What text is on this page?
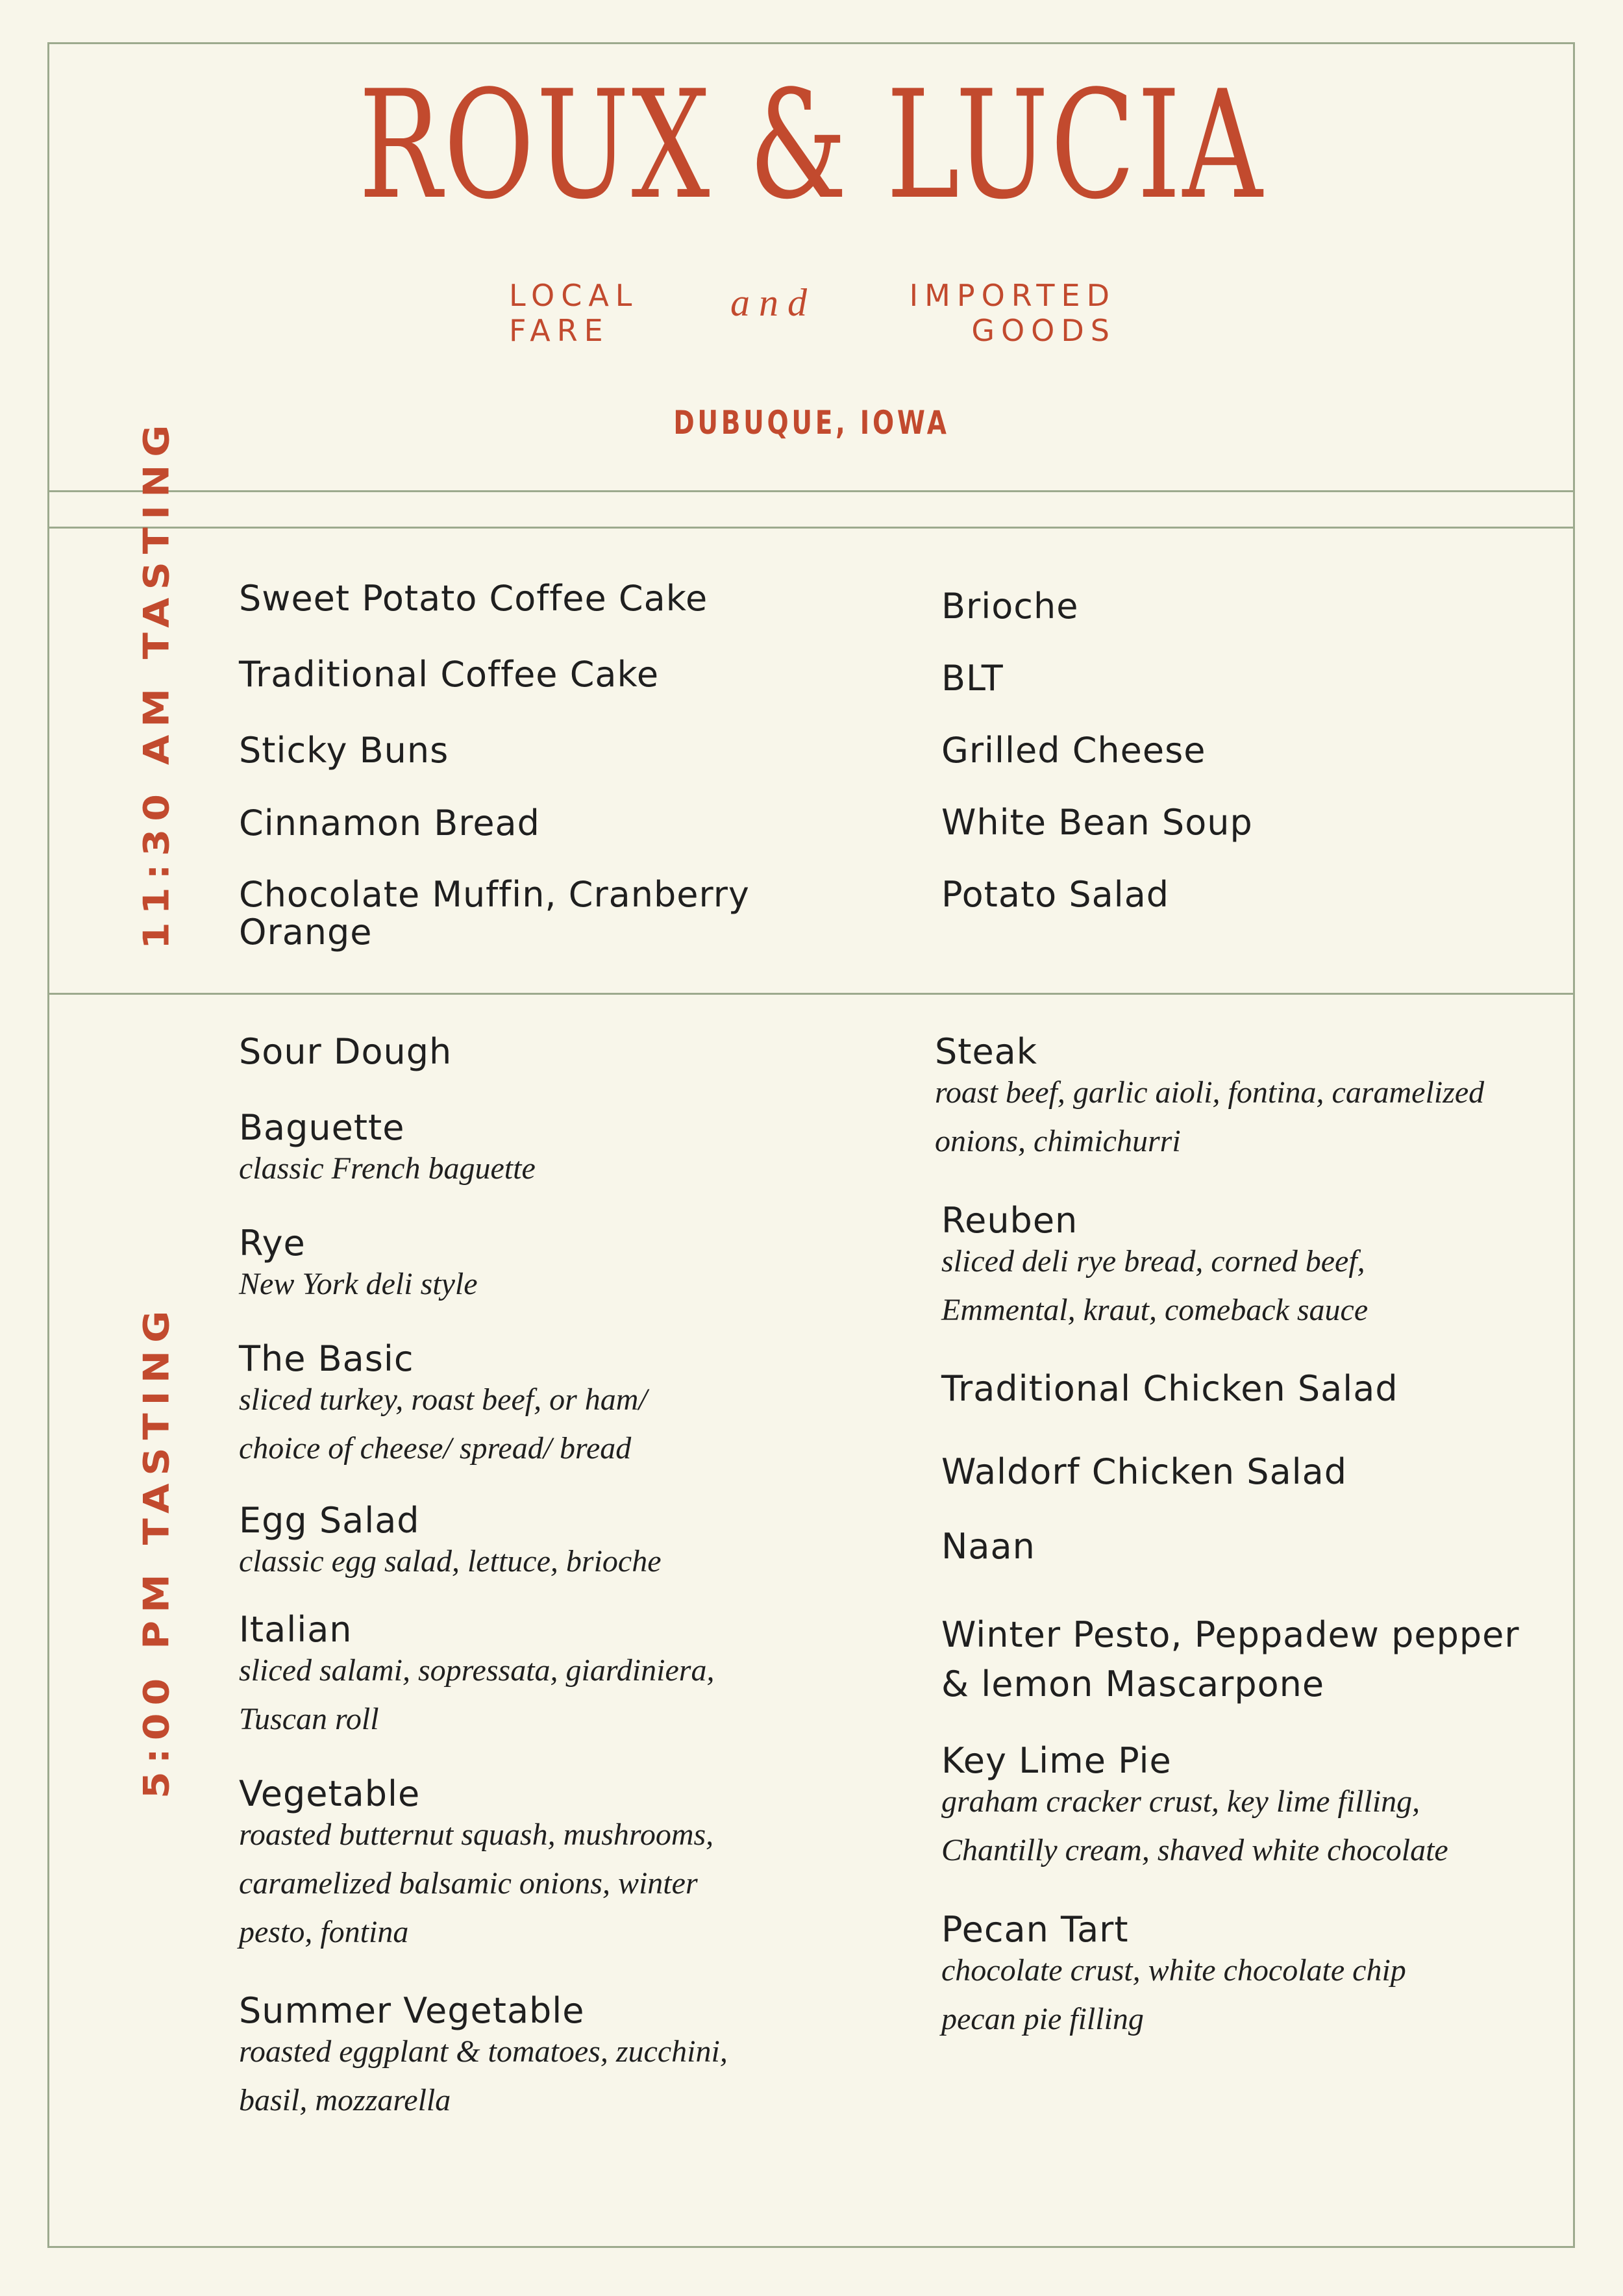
ROUX & LUCIA

LOCAL
FARE

and	IMPORTED
GOODS

DUBUQUE, IOWA
11:30 AM TASTING
5:00 PM TASTING
Sweet Potato Coffee Cake
Traditional Coffee Cake
Sticky Buns
Cinnamon Bread
Chocolate Muffin, Cranberry Orange
Brioche
BLT
Grilled Cheese
White Bean Soup
Potato Salad
Sour Dough
Baguette
classic French baguette
Rye
New York deli style
The Basic
sliced turkey, roast beef, or ham/ choice of cheese/ spread/ bread
Egg Salad
classic egg salad, lettuce, brioche
Italian
sliced salami, sopressata, giardiniera, Tuscan roll
Vegetable
roasted butternut squash, mushrooms, caramelized balsamic onions, winter pesto, fontina
Summer Vegetable
roasted eggplant & tomatoes, zucchini, basil, mozzarella
Steak
roast beef, garlic aioli, fontina, caramelized onions, chimichurri
Reuben
sliced deli rye bread, corned beef, Emmental, kraut, comeback sauce
Traditional Chicken Salad
Waldorf Chicken Salad
Naan
Winter Pesto, Peppadew pepper & lemon Mascarpone
Key Lime Pie
graham cracker crust, key lime filling, Chantilly cream, shaved white chocolate
Pecan Tart
chocolate crust, white chocolate chip pecan pie filling
